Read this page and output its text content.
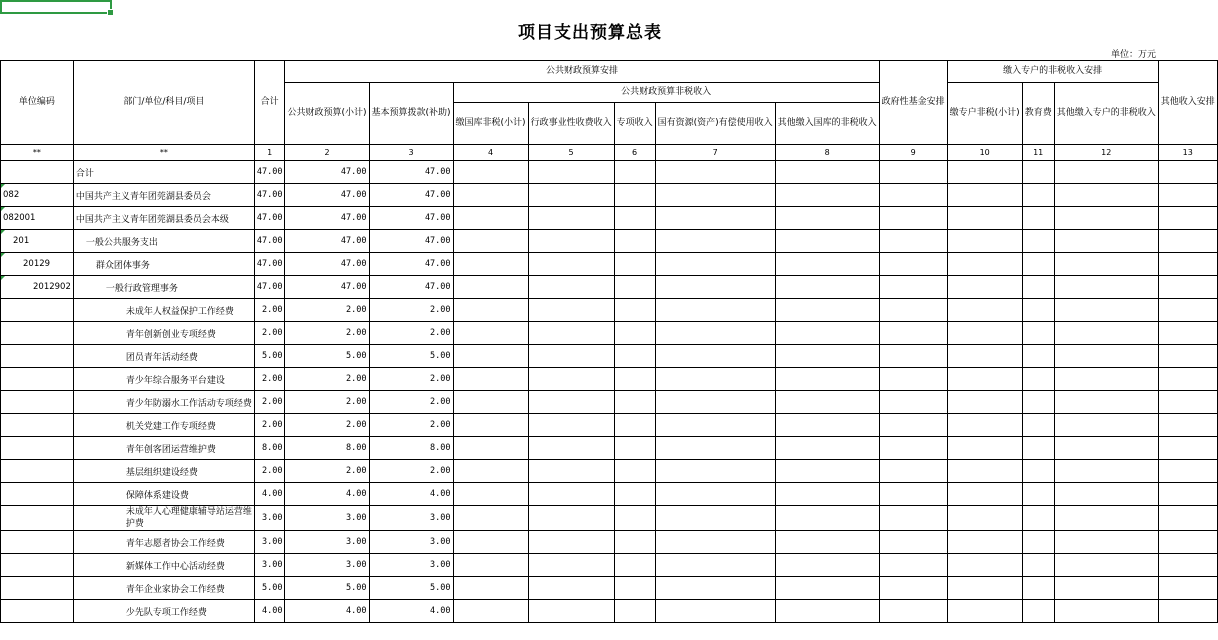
项目支出预算总表
单位：万元
单位编码	部门/单位/科目/项目	合计	公共财政预算安排							政府性基金安排	缴入专户的非税收入安排			其他收入安排
			公共财政预算(小计)	基本预算拨款(补助)	公共财政预算非税收入						缴专户非税(小计)	教育费	其他缴入专户的非税收入	
					缴国库非税(小计)	行政事业性收费收入	专项收入	国有资源(资产)有偿使用收入	其他缴入国库的非税收入					
**	**	1	2	3	4	5	6	7	8	9	10	11	12	13
	合计	47.00	47.00	47.00										
082	中国共产主义青年团莞湖县委员会	47.00	47.00	47.00										
082001	中国共产主义青年团莞湖县委员会本级	47.00	47.00	47.00										
201	一般公共服务支出	47.00	47.00	47.00										
20129	群众团体事务	47.00	47.00	47.00										
2012902	一般行政管理事务	47.00	47.00	47.00										
	未成年人权益保护工作经费	2.00	2.00	2.00										
	青年创新创业专项经费	2.00	2.00	2.00										
	团员青年活动经费	5.00	5.00	5.00										
	青少年综合服务平台建设	2.00	2.00	2.00										
	青少年防溺水工作活动专项经费	2.00	2.00	2.00										
	机关党建工作专项经费	2.00	2.00	2.00										
	青年创客团运营维护费	8.00	8.00	8.00										
	基层组织建设经费	2.00	2.00	2.00										
	保障体系建设费	4.00	4.00	4.00										

	未成年人心理健康辅导站运营维护费	3.00	3.00	3.00										
	青年志愿者协会工作经费	3.00	3.00	3.00										
	新媒体工作中心活动经费	3.00	3.00	3.00										
	青年企业家协会工作经费	5.00	5.00	5.00										
	少先队专项工作经费	4.00	4.00	4.00										
